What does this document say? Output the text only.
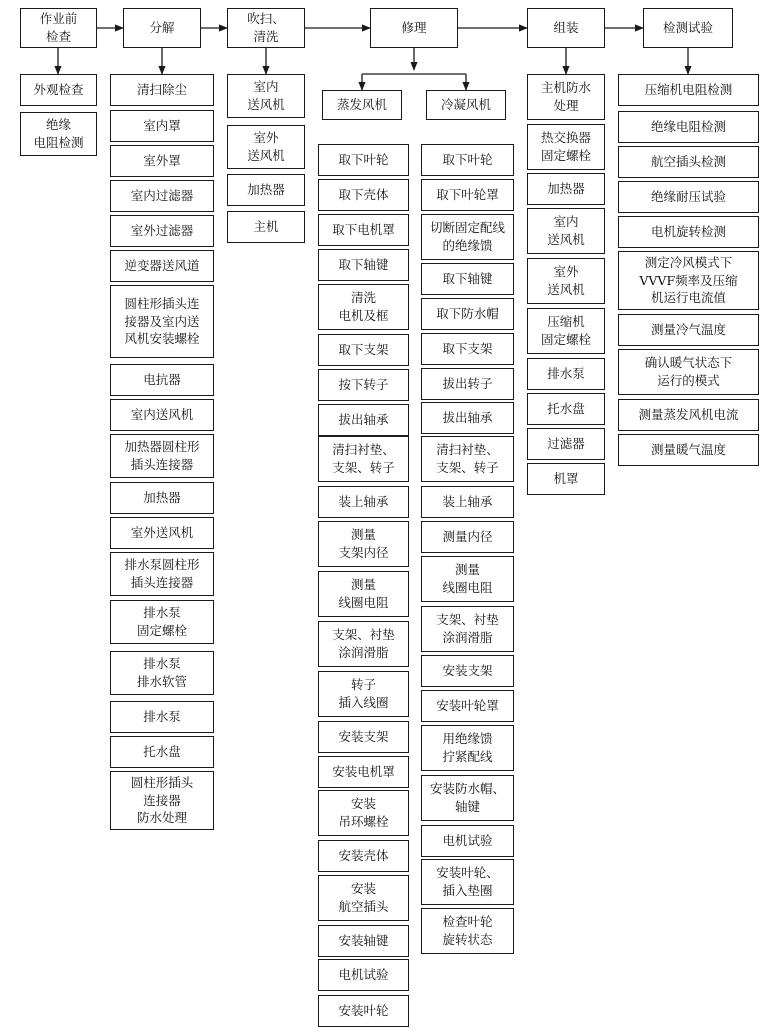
作业前
检查
分解
吹扫、
清洗
修理	组装	检测试验
外观检查
绝缘
电阻检测
清扫除尘
室内罩
室外罩
室内过滤器
室外过滤器
逆变器送风道
圆柱形插头连
接器及室内送
风机安装螺栓
电抗器
室内送风机
加热器圆柱形
插头连接器
加热器
室外送风机
排水泵圆柱形
插头连接器
排水泵
固定螺栓
排水泵
排水软管
排水泵
托水盘
圆柱形插头
连接器
防水处理
室内
送风机
室外
送风机
加热器
主机
蒸发风机	冷凝风机
取下叶轮
取下壳体
取下电机罩
取下轴键
清洗
电机及框
取下支架
按下转子
拔出轴承
清扫衬垫、
支架、转子
装上轴承
测量
支架内径
测量
线圈电阻
支架、衬垫
涂润滑脂
转子
插入线圈
安装支架
安装电机罩
安装
吊环螺栓
安装壳体
安装
航空插头
安装轴键
电机试验
安装叶轮
取下叶轮
取下叶轮罩
切断固定配线
的绝缘馈
取下轴键
取下防水帽
取下支架
拔出转子
拔出轴承
清扫衬垫、
支架、转子
装上轴承
测量内径
测量
线圈电阻
支架、衬垫
涂润滑脂
安装支架
安装叶轮罩
用绝缘馈
拧紧配线
安装防水帽、
轴键
电机试验
安装叶轮、
插入垫圈
检查叶轮
旋转状态
主机防水
处理
热交换器
固定螺栓
加热器
室内
送风机
室外
送风机
压缩机
固定螺栓
排水泵
托水盘
过滤器
机罩
压缩机电阻检测
绝缘电阻检测
航空插头检测
绝缘耐压试验
电机旋转检测
测定冷风模式下
VVVF频率及压缩
机运行电流值
测量冷气温度
确认暖气状态下
运行的模式
测量蒸发风机电流
测量暖气温度
